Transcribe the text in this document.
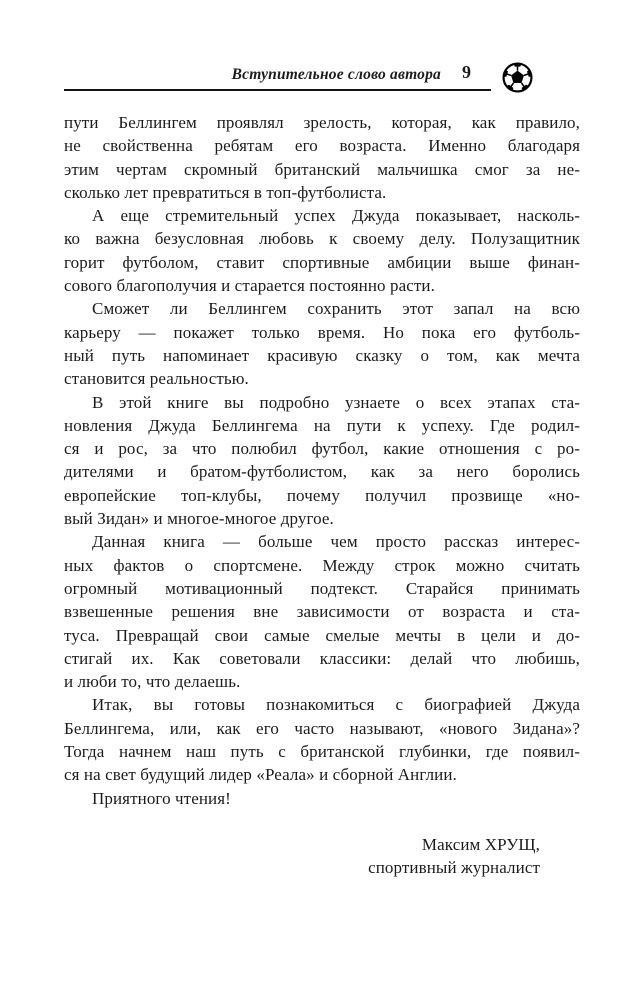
Вступительное слово автора 9
пути Беллингем проявлял зрелость, которая, как правило,
не свойственна ребятам его возраста. Именно благодаря
этим чертам скромный британский мальчишка смог за не-
сколько лет превратиться в топ-футболиста.
А еще стремительный успех Джуда показывает, насколь-
ко важна безусловная любовь к своему делу. Полузащитник
горит футболом, ставит спортивные амбиции выше финан-
сового благополучия и старается постоянно расти.
Сможет ли Беллингем сохранить этот запал на всю
карьеру — покажет только время. Но пока его футболь-
ный путь напоминает красивую сказку о том, как мечта
становится реальностью.
В этой книге вы подробно узнаете о всех этапах ста-
новления Джуда Беллингема на пути к успеху. Где родил-
ся и рос, за что полюбил футбол, какие отношения с ро-
дителями и братом-футболистом, как за него боролись
европейские топ-клубы, почему получил прозвище «но-
вый Зидан» и многое-многое другое.
Данная книга — больше чем просто рассказ интерес-
ных фактов о спортсмене. Между строк можно считать
огромный мотивационный подтекст. Старайся принимать
взвешенные решения вне зависимости от возраста и ста-
туса. Превращай свои самые смелые мечты в цели и до-
стигай их. Как советовали классики: делай что любишь,
и люби то, что делаешь.
Итак, вы готовы познакомиться с биографией Джуда
Беллингема, или, как его часто называют, «нового Зидана»?
Тогда начнем наш путь с британской глубинки, где появил-
ся на свет будущий лидер «Реала» и сборной Англии.
Приятного чтения!
Максим ХРУЩ,
спортивный журналист
